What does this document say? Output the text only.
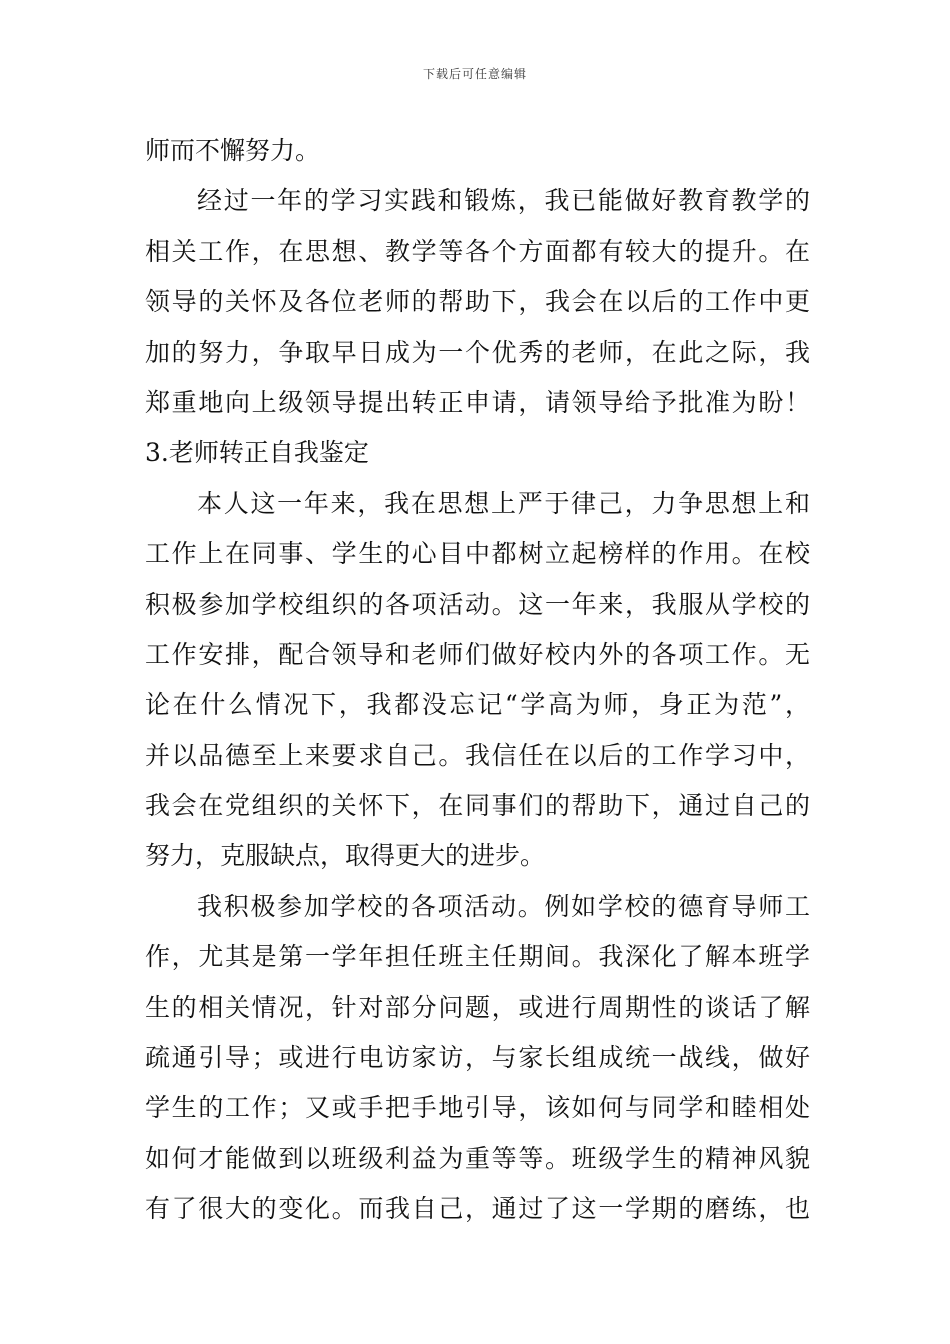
下载后可任意编辑
师而不懈努力。
经过一年的学习实践和锻炼，我已能做好教育教学的
相关工作，在思想、教学等各个方面都有较大的提升。在
领导的关怀及各位老师的帮助下，我会在以后的工作中更
加的努力，争取早日成为一个优秀的老师，在此之际，我
郑重地向上级领导提出转正申请，请领导给予批准为盼！
3.老师转正自我鉴定
本人这一年来，我在思想上严于律己，力争思想上和
工作上在同事、学生的心目中都树立起榜样的作用。在校
积极参加学校组织的各项活动。这一年来，我服从学校的
工作安排，配合领导和老师们做好校内外的各项工作。无
论在什么情况下，我都没忘记“学高为师，身正为范”，
并以品德至上来要求自己。我信任在以后的工作学习中，
我会在党组织的关怀下，在同事们的帮助下，通过自己的
努力，克服缺点，取得更大的进步。
我积极参加学校的各项活动。例如学校的德育导师工
作，尤其是第一学年担任班主任期间。我深化了解本班学
生的相关情况，针对部分问题，或进行周期性的谈话了解
疏通引导；或进行电访家访，与家长组成统一战线，做好
学生的工作；又或手把手地引导，该如何与同学和睦相处
如何才能做到以班级利益为重等等。班级学生的精神风貌
有了很大的变化。而我自己，通过了这一学期的磨练，也
